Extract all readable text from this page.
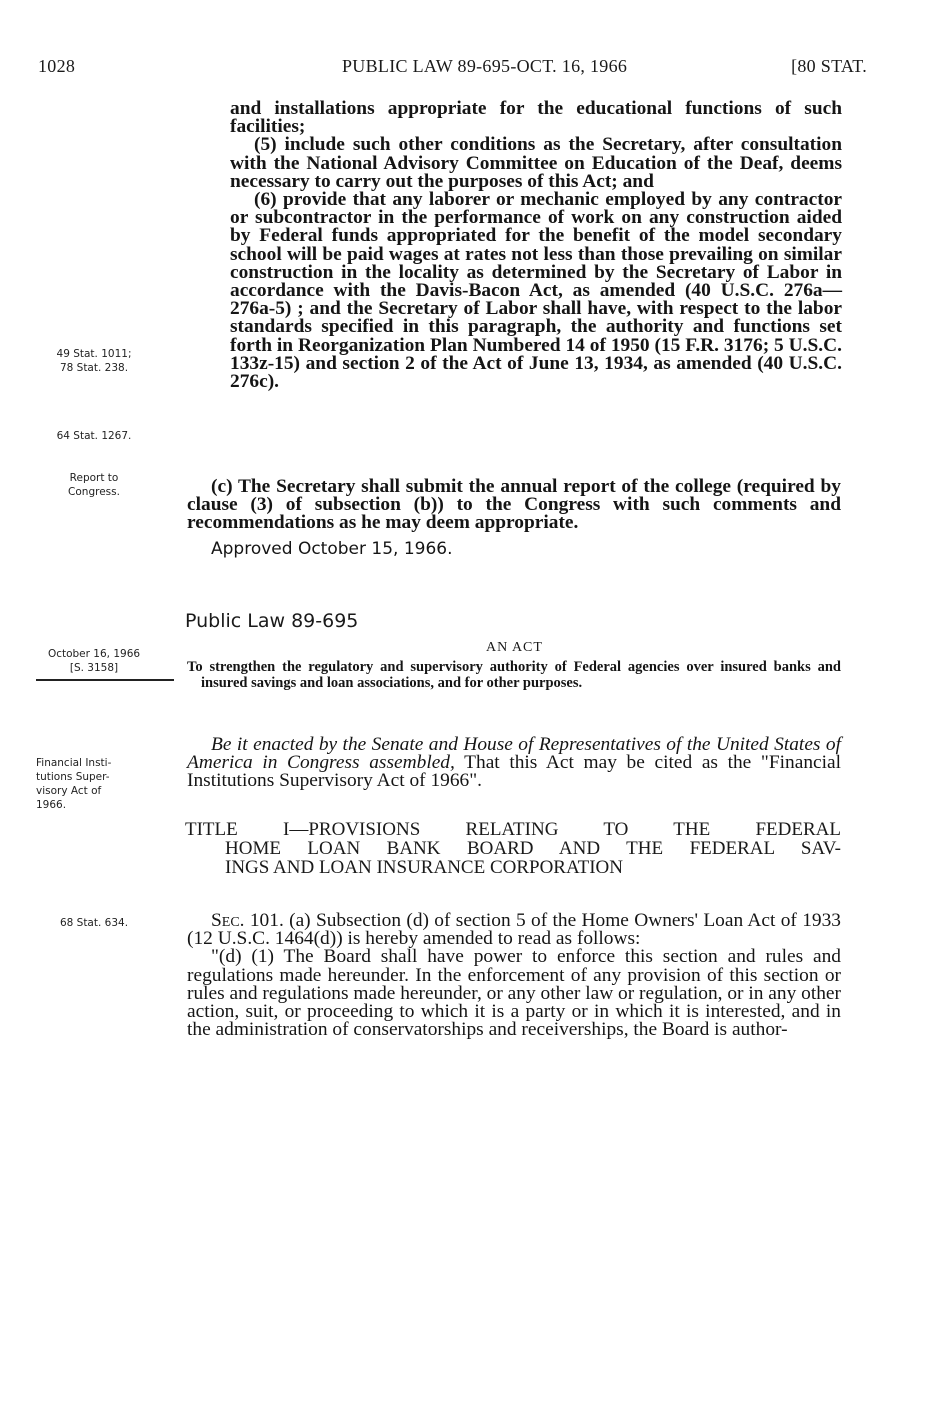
1028	PUBLIC LAW 89-695-OCT. 16, 1966	[80 STAT.

and installations appropriate for the educational functions of such facilities;

(5) include such other conditions as the Secretary, after consultation with the National Advisory Committee on Education of the Deaf, deems necessary to carry out the purposes of this Act; and

(6) provide that any laborer or mechanic employed by any contractor or subcontractor in the performance of work on any construction aided by Federal funds appropriated for the benefit of the model secondary school will be paid wages at rates not less than those prevailing on similar construction in the locality as determined by the Secretary of Labor in accordance with the Davis-Bacon Act, as amended (40 U.S.C. 276a—276a-5) ; and the Secretary of Labor shall have, with respect to the labor standards specified in this paragraph, the authority and functions set forth in Reorganization Plan Numbered 14 of 1950 (15 F.R. 3176; 5 U.S.C. 133z-15) and section 2 of the Act of June 13, 1934, as amended (40 U.S.C. 276c).

(c) The Secretary shall submit the annual report of the college (required by clause (3) of subsection (b)) to the Congress with such comments and recommendations as he may deem appropriate.

Approved October 15, 1966.
49 Stat. 1011;
78 Stat. 238.
64 Stat. 1267.
Report to
Congress.
Public Law 89-695
AN ACT
October 16, 1966
[S. 3158]	To strengthen the regulatory and supervisory authority of Federal agencies over insured banks and insured savings and loan associations, and for other purposes.

Be it enacted by the Senate and House of Representatives of the United States of America in Congress assembled, That this Act may be cited as the "Financial Institutions Supervisory Act of 1966".

Financial Insti-
tutions Super-
visory Act of
1966.
TITLE I—PROVISIONS RELATING TO THE FEDERAL
HOME LOAN BANK BOARD AND THE FEDERAL SAV-
INGS AND LOAN INSURANCE CORPORATION
68 Stat. 634.	Sec. 101. (a) Subsection (d) of section 5 of the Home Owners' Loan Act of 1933 (12 U.S.C. 1464(d)) is hereby amended to read as follows:

"(d) (1) The Board shall have power to enforce this section and rules and regulations made hereunder. In the enforcement of any provision of this section or rules and regulations made hereunder, or any other law or regulation, or in any other action, suit, or proceeding to which it is a party or in which it is interested, and in the administration of conservatorships and receiverships, the Board is author-
